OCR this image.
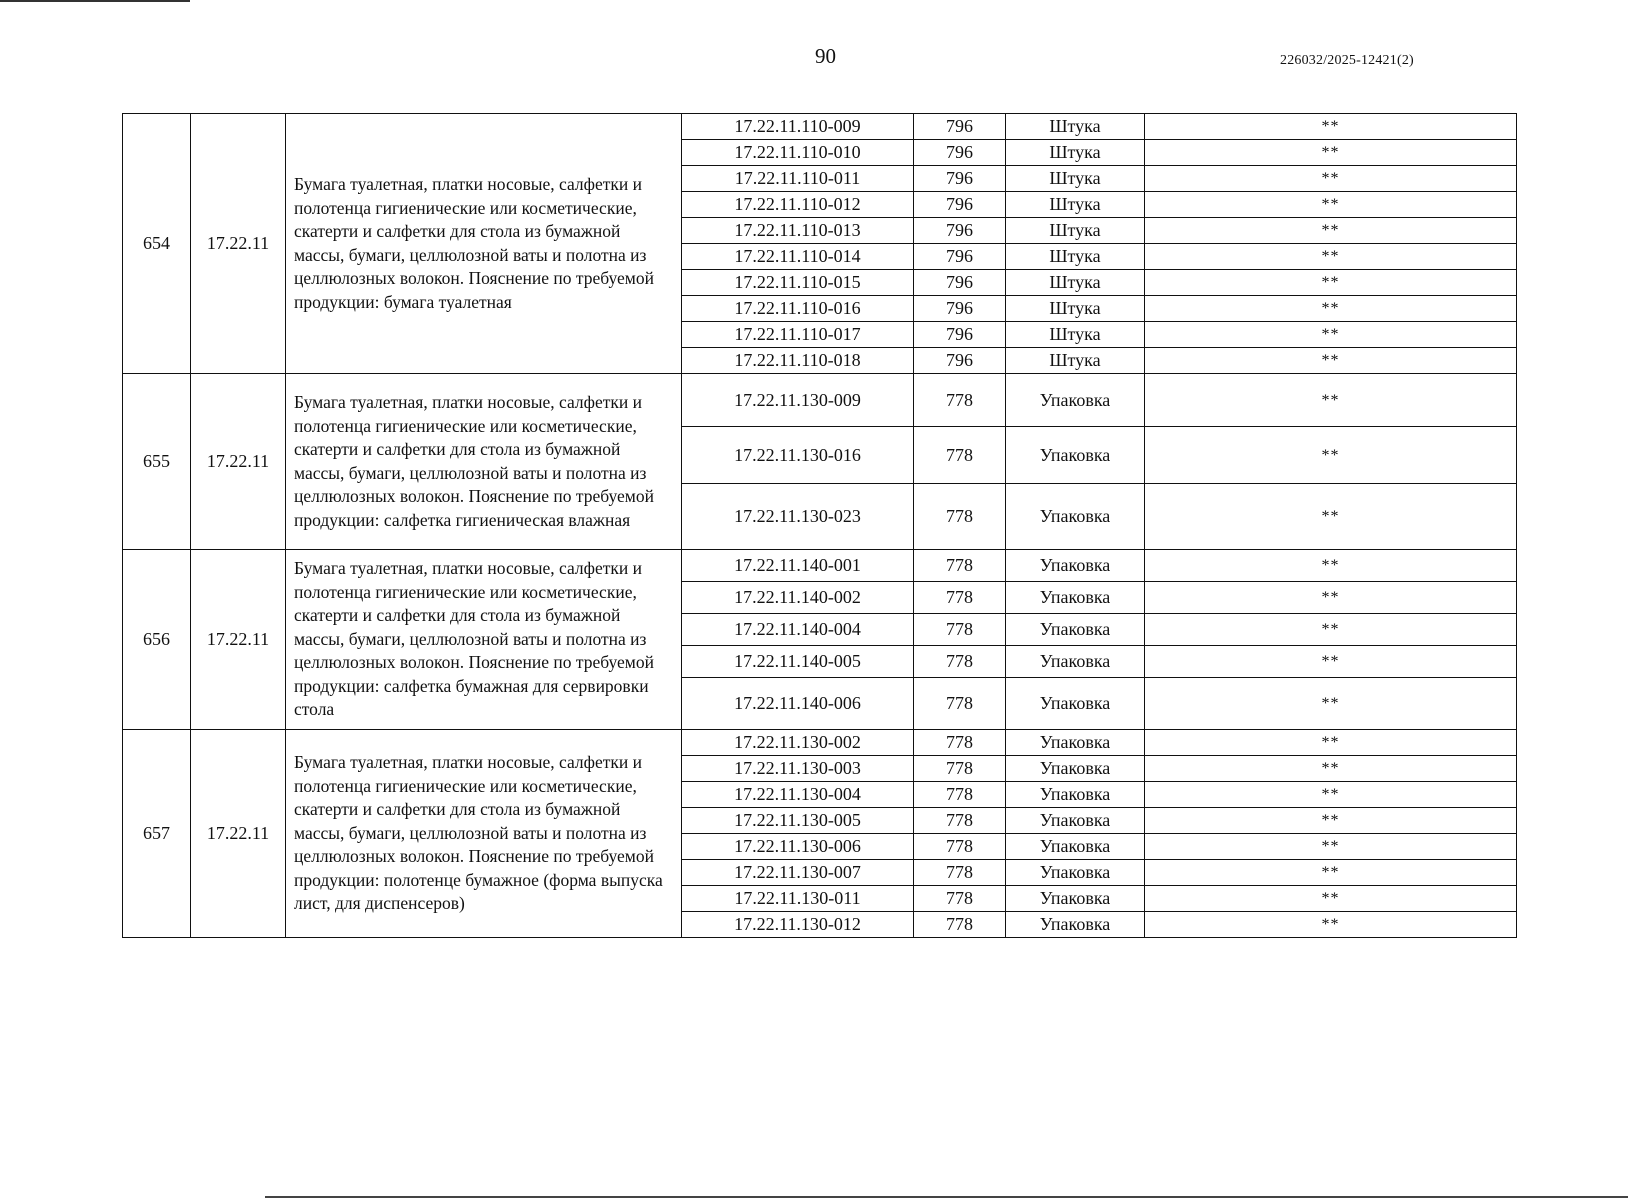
90	226032/2025-12421(2)
654	17.22.11	Бумага туалетная, платки носовые, салфетки и полотенца гигиенические или косметические, скатерти и салфетки для стола из бумажной массы, бумаги, целлюлозной ваты и полотна из целлюлозных волокон. Пояснение по требуемой продукции: бумага туалетная	17.22.11.110-009	796	Штука	**
			17.22.11.110-010	796	Штука	**
			17.22.11.110-011	796	Штука	**
			17.22.11.110-012	796	Штука	**
			17.22.11.110-013	796	Штука	**
			17.22.11.110-014	796	Штука	**
			17.22.11.110-015	796	Штука	**
			17.22.11.110-016	796	Штука	**
			17.22.11.110-017	796	Штука	**
			17.22.11.110-018	796	Штука	**
655	17.22.11	Бумага туалетная, платки носовые, салфетки и полотенца гигиенические или косметические, скатерти и салфетки для стола из бумажной массы, бумаги, целлюлозной ваты и полотна из целлюлозных волокон. Пояснение по требуемой продукции: салфетка гигиеническая влажная	17.22.11.130-009	778	Упаковка	**
			17.22.11.130-016	778	Упаковка	**
			17.22.11.130-023	778	Упаковка	**
656	17.22.11	Бумага туалетная, платки носовые, салфетки и полотенца гигиенические или косметические, скатерти и салфетки для стола из бумажной массы, бумаги, целлюлозной ваты и полотна из целлюлозных волокон. Пояснение по требуемой продукции: салфетка бумажная для сервировки стола	17.22.11.140-001	778	Упаковка	**
			17.22.11.140-002	778	Упаковка	**
			17.22.11.140-004	778	Упаковка	**
			17.22.11.140-005	778	Упаковка	**
			17.22.11.140-006	778	Упаковка	**
657	17.22.11	Бумага туалетная, платки носовые, салфетки и полотенца гигиенические или косметические, скатерти и салфетки для стола из бумажной массы, бумаги, целлюлозной ваты и полотна из целлюлозных волокон. Пояснение по требуемой продукции: полотенце бумажное (форма выпуска лист, для диспенсеров)	17.22.11.130-002	778	Упаковка	**
			17.22.11.130-003	778	Упаковка	**
			17.22.11.130-004	778	Упаковка	**
			17.22.11.130-005	778	Упаковка	**
			17.22.11.130-006	778	Упаковка	**
			17.22.11.130-007	778	Упаковка	**
			17.22.11.130-011	778	Упаковка	**
			17.22.11.130-012	778	Упаковка	**
